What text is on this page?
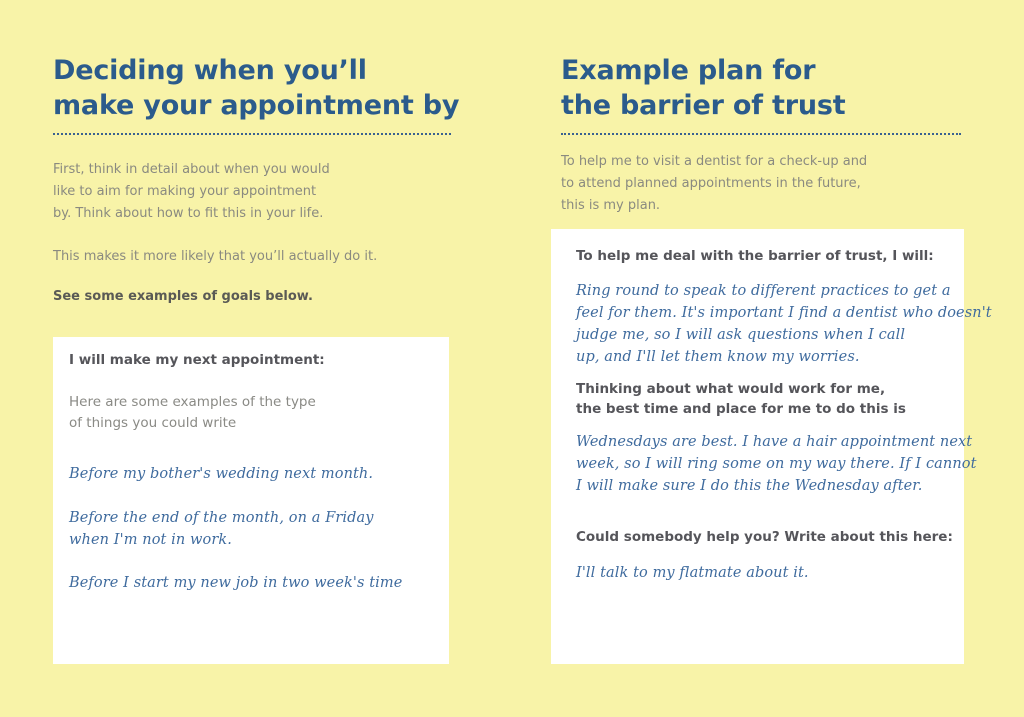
Deciding when you’ll
make your appointment by

First, think in detail about when you would
like to aim for making your appointment
by. Think about how to fit this in your life.

This makes it more likely that you’ll actually do it.

See some examples of goals below.

I will make my next appointment:

Here are some examples of the type
of things you could write

Before my bother's wedding next month.

Before the end of the month, on a Friday
when I'm not in work.

Before I start my new job in two week's time

Example plan for
the barrier of trust

To help me to visit a dentist for a check-up and
to attend planned appointments in the future,
this is my plan.

To help me deal with the barrier of trust, I will:

Ring round to speak to different practices to get a
feel for them. It's important I find a dentist who doesn't
judge me, so I will ask questions when I call
up, and I'll let them know my worries.

Thinking about what would work for me,
the best time and place for me to do this is

Wednesdays are best. I have a hair appointment next
week, so I will ring some on my way there. If I cannot
I will make sure I do this the Wednesday after.

Could somebody help you? Write about this here:

I'll talk to my flatmate about it.
